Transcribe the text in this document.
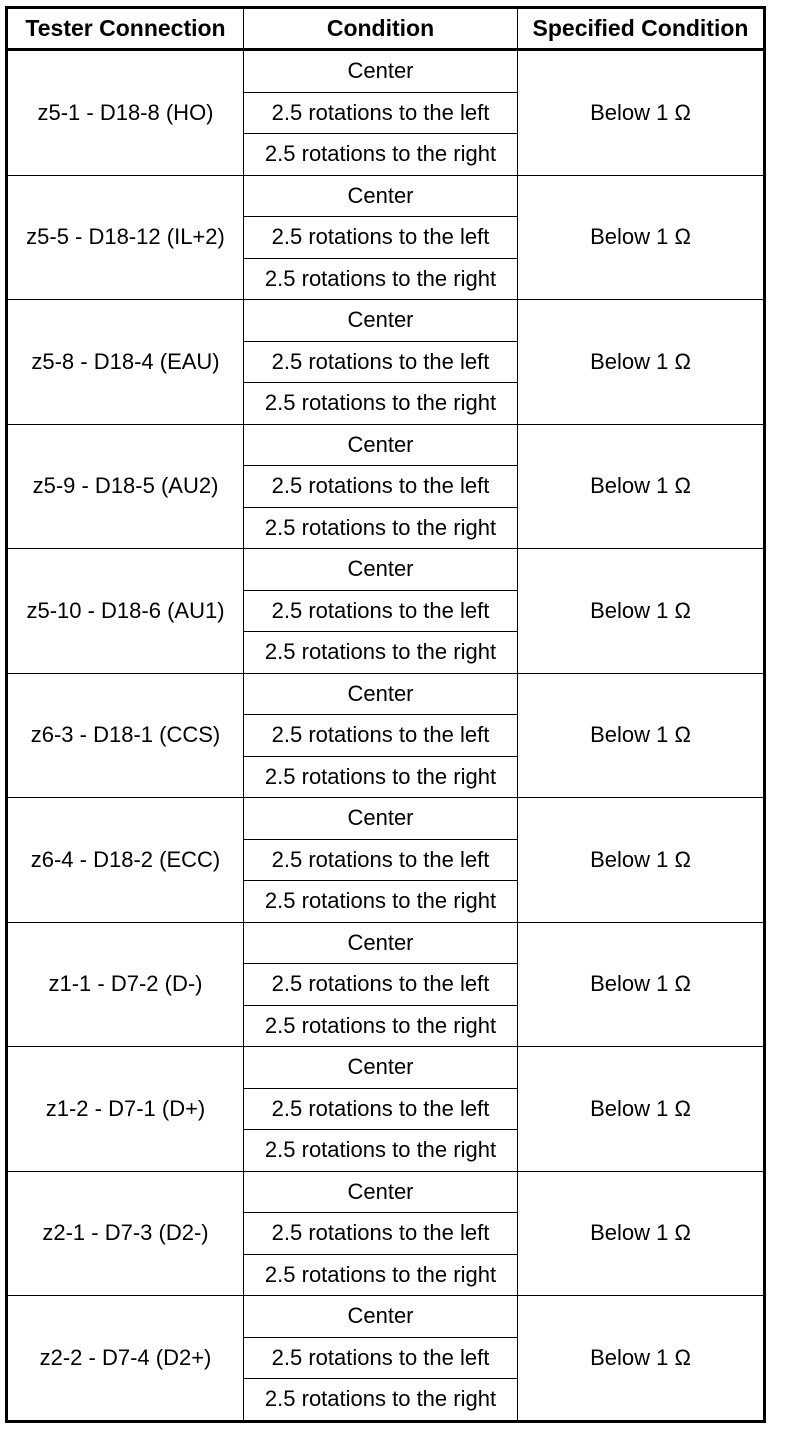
Tester Connection	Condition	Specified Condition
z5-1 - D18-8 (HO)	Center	Below 1 Ω
	2.5 rotations to the left	
	2.5 rotations to the right	
z5-5 - D18-12 (IL+2)	Center	Below 1 Ω
	2.5 rotations to the left	
	2.5 rotations to the right	
z5-8 - D18-4 (EAU)	Center	Below 1 Ω
	2.5 rotations to the left	
	2.5 rotations to the right	
z5-9 - D18-5 (AU2)	Center	Below 1 Ω
	2.5 rotations to the left	
	2.5 rotations to the right	
z5-10 - D18-6 (AU1)	Center	Below 1 Ω
	2.5 rotations to the left	
	2.5 rotations to the right	
z6-3 - D18-1 (CCS)	Center	Below 1 Ω
	2.5 rotations to the left	
	2.5 rotations to the right	
z6-4 - D18-2 (ECC)	Center	Below 1 Ω
	2.5 rotations to the left	
	2.5 rotations to the right	
z1-1 - D7-2 (D-)	Center	Below 1 Ω
	2.5 rotations to the left	
	2.5 rotations to the right	
z1-2 - D7-1 (D+)	Center	Below 1 Ω
	2.5 rotations to the left	
	2.5 rotations to the right	
z2-1 - D7-3 (D2-)	Center	Below 1 Ω
	2.5 rotations to the left	
	2.5 rotations to the right	
z2-2 - D7-4 (D2+)	Center	Below 1 Ω
	2.5 rotations to the left	
	2.5 rotations to the right	
